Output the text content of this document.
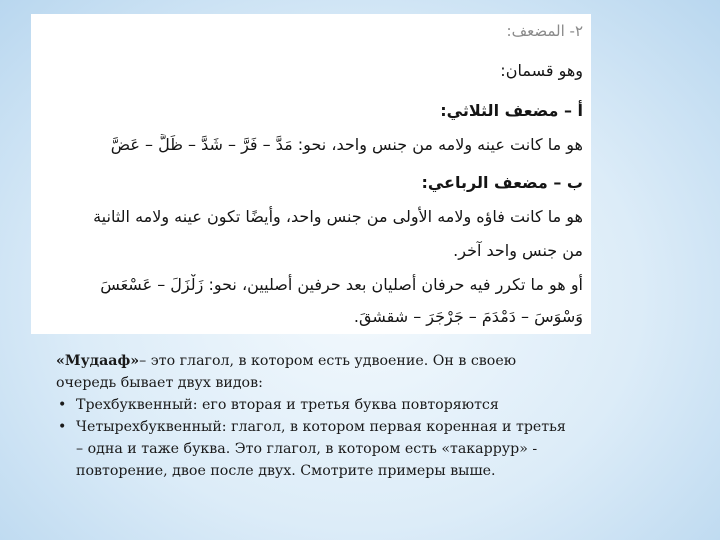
٢- المضعف:
وهو قسمان:
أ – مضعف الثلاثي:
هو ما كانت عينه ولامه من جنس واحد، نحو: مَدَّ – فَرَّ – شَدَّ – ظَلَّ – عَضَّ
ب – مضعف الرباعي:
هو ما كانت فاؤه ولامه الأولى من جنس واحد، وأيضًا تكون عينه ولامه الثانية
من جنس واحد آخر.
أو هو ما تكرر فيه حرفان أصليان بعد حرفين أصليين، نحو: زَلْزَلَ – عَسْعَسَ
وَسْوَسَ – دَمْدَمَ – جَرْجَرَ – شقشقَ.
«Мудааф»– это глагол, в котором есть удвоение. Он в своею
очередь бывает двух видов:
• Трехбуквенный: его вторая и третья буква повторяются
• Четырехбуквенный: глагол, в котором первая коренная и третья
– одна и таже буква. Это глагол, в котором есть «такаррур» -
повторение, двое после двух. Смотрите примеры выше.
